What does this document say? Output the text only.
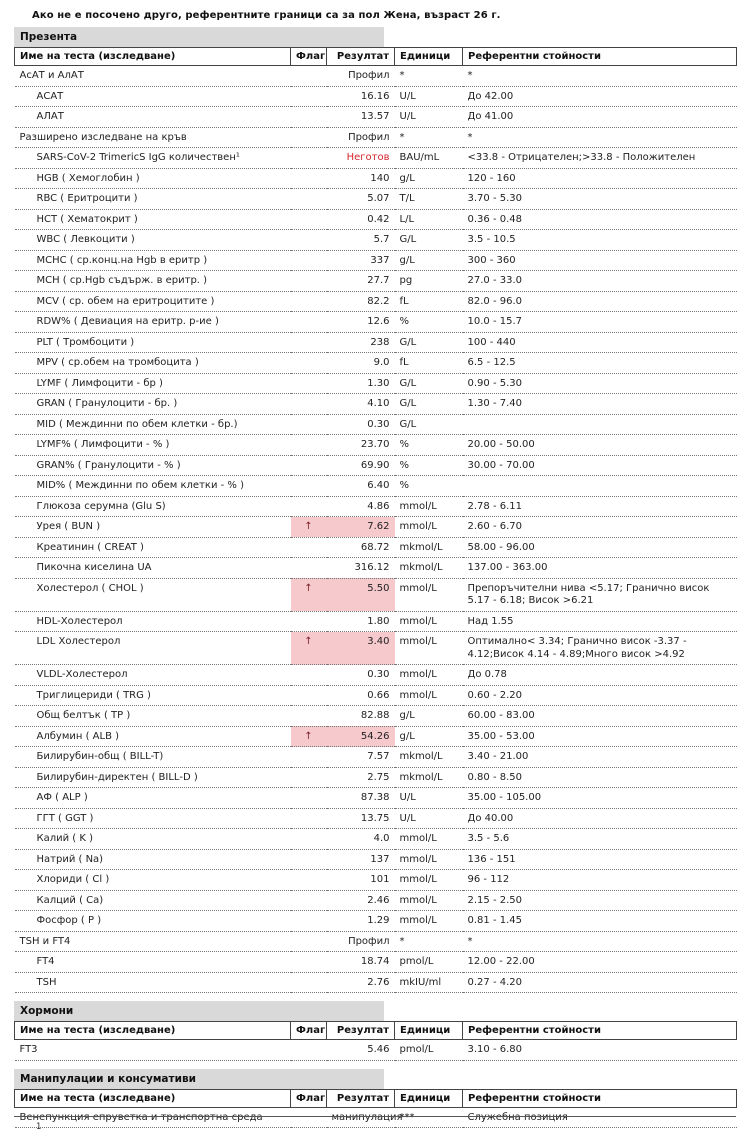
Ако не е посочено друго, референтните граници са за пол Жена, възраст 26 г.
Презента
Име на теста (изследване)	Флаг	Резултат	Единици	Референтни стойности
АсАТ и АлАТ		Профил	*	*
АСАТ		16.16	U/L	До 42.00
АЛАТ		13.57	U/L	До 41.00
Разширено изследване на кръв		Профил	*	*
SARS-CoV-2 TrimericS IgG количествен¹		Неготов	BAU/mL	<33.8 - Отрицателен;>33.8 - Положителен
HGB ( Хемоглобин )		140	g/L	120 - 160
RBC ( Еритроцити )		5.07	T/L	3.70 - 5.30
HCT ( Хематокрит )		0.42	L/L	0.36 - 0.48
WBC ( Левкоцити )		5.7	G/L	3.5 - 10.5
MCHC ( ср.конц.на Hgb в еритр )		337	g/L	300 - 360
MCH ( ср.Hgb съдърж. в еритр. )		27.7	pg	27.0 - 33.0
MCV ( ср. обем на еритроцитите )		82.2	fL	82.0 - 96.0
RDW% ( Девиация на еритр. р-ие )		12.6	%	10.0 - 15.7
PLT ( Тромбоцити )		238	G/L	100 - 440
MPV ( ср.обем на тромбоцита )		9.0	fL	6.5 - 12.5
LYMF ( Лимфоцити - бр )		1.30	G/L	0.90 - 5.30
GRAN ( Гранулоцити - бр. )		4.10	G/L	1.30 - 7.40
MID ( Междинни по обем клетки - бр.)		0.30	G/L	
LYMF% ( Лимфоцити - % )		23.70	%	20.00 - 50.00
GRAN% ( Гранулоцити - % )		69.90	%	30.00 - 70.00
MID% ( Междинни по обем клетки - % )		6.40	%	
Глюкоза серумна (Glu S)		4.86	mmol/L	2.78 - 6.11
Урея ( BUN )	↑	7.62	mmol/L	2.60 - 6.70
Креатинин ( CREAT )		68.72	mkmol/L	58.00 - 96.00
Пикочна киселина UA		316.12	mkmol/L	137.00 - 363.00
Холестерол ( CHOL )	↑	5.50	mmol/L	Препоръчителни нива <5.17; Гранично висок 5.17 - 6.18; Висок >6.21
HDL-Холестерол		1.80	mmol/L	Над 1.55
LDL Холестерол	↑	3.40	mmol/L	Оптимално< 3.34; Гранично висок -3.37 - 4.12;Висок 4.14 - 4.89;Много висок >4.92
VLDL-Холестерол		0.30	mmol/L	До 0.78
Триглицериди ( TRG )		0.66	mmol/L	0.60 - 2.20
Общ белтък ( TP )		82.88	g/L	60.00 - 83.00
Албумин ( ALB )	↑	54.26	g/L	35.00 - 53.00
Билирубин-общ ( BILL-T)		7.57	mkmol/L	3.40 - 21.00
Билирубин-директен ( BILL-D )		2.75	mkmol/L	0.80 - 8.50
АФ ( ALP )		87.38	U/L	35.00 - 105.00
ГГТ ( GGT )		13.75	U/L	До 40.00
Калий ( K )		4.0	mmol/L	3.5 - 5.6
Натрий ( Na)		137	mmol/L	136 - 151
Хлориди ( Cl )		101	mmol/L	96 - 112
Калций ( Ca)		2.46	mmol/L	2.15 - 2.50
Фосфор ( P )		1.29	mmol/L	0.81 - 1.45
TSH и FT4		Профил	*	*
FT4		18.74	pmol/L	12.00 - 22.00
TSH		2.76	mkIU/ml	0.27 - 4.20
Хормони
Име на теста (изследване)	Флаг	Резултат	Единици	Референтни стойности
FT3		5.46	pmol/L	3.10 - 6.80
Манипулации и консумативи
Име на теста (изследване)	Флаг	Резултат	Единици	Референтни стойности
Венепункция епруветка и транспортна среда		манипулация	***	Служебна позиция
1
